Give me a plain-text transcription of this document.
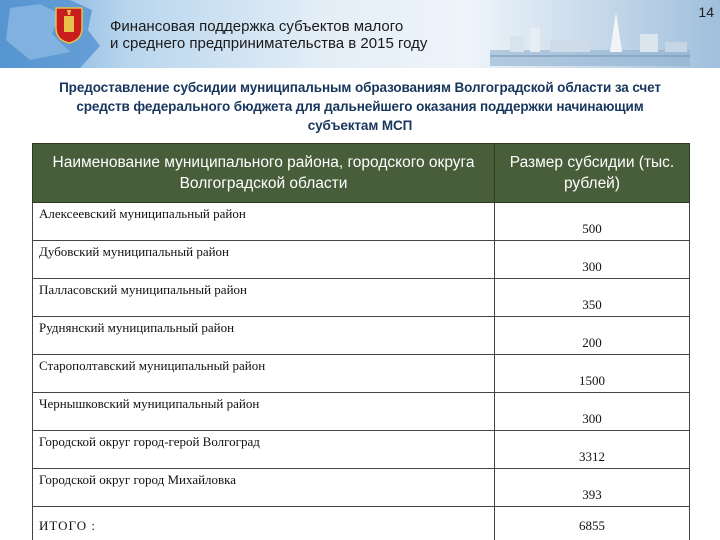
Финансовая поддержка субъектов малого
и среднего предпринимательства в 2015 году
14
Предоставление субсидии муниципальным образованиям Волгоградской области за счет средств федерального бюджета для дальнейшего оказания поддержки начинающим субъектам МСП
Наименование муниципального района, городского округа Волгоградской области	Размер субсидии (тыс. рублей)
Алексеевский муниципальный район	500
Дубовский муниципальный район	300
Палласовский муниципальный район	350
Руднянский муниципальный район	200
Старополтавский муниципальный район	1500
Чернышковский муниципальный район	300
Городской округ город-герой Волгоград	3312
Городской округ город Михайловка	393
ИТОГО :	6855
